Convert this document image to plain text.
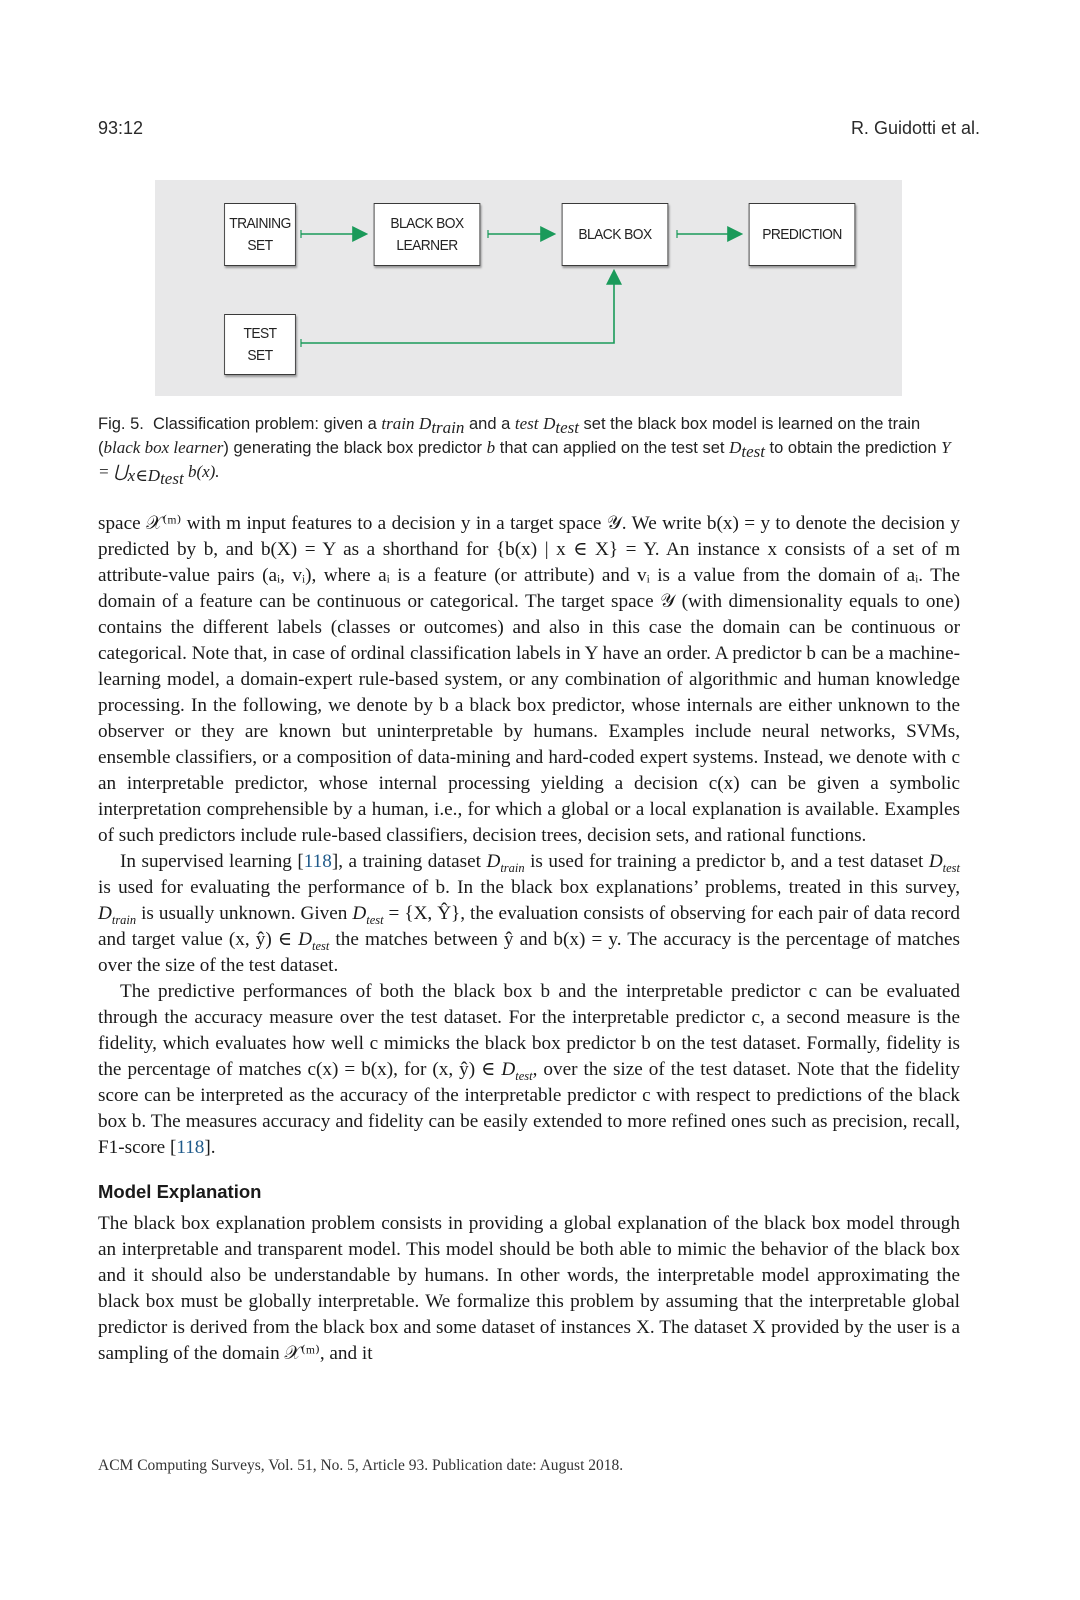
93:12	R. Guidotti et al.
TRAINING
SET
BLACK BOX
LEARNER
BLACK BOX	PREDICTION
TEST
SET
Fig. 5. Classification problem: given a train $D_{train}$ and a test $D_{test}$ set the black box model is learned on the train (black box learner) generating the black box predictor b that can applied on the test set $D_{test}$ to obtain the prediction $Y = ⋃_{x\in D_{test}}$ b(x).

space 𝒳⁽ᵐ⁾ with m input features to a decision y in a target space 𝒴. We write b(x) = y to denote the decision y predicted by b, and b(X) = Y as a shorthand for {b(x) | x ∈ X} = Y. An instance x consists of a set of m attribute-value pairs (aᵢ, vᵢ), where aᵢ is a feature (or attribute) and vᵢ is a value from the domain of aᵢ. The domain of a feature can be continuous or categorical. The target space 𝒴 (with dimensionality equals to one) contains the different labels (classes or outcomes) and also in this case the domain can be continuous or categorical. Note that, in case of ordinal classification labels in Y have an order. A predictor b can be a machine-learning model, a domain-expert rule-based system, or any combination of algorithmic and human knowledge processing. In the following, we denote by b a black box predictor, whose internals are either unknown to the observer or they are known but uninterpretable by humans. Examples include neural networks, SVMs, ensemble classifiers, or a composition of data-mining and hard-coded expert systems. Instead, we denote with c an interpretable predictor, whose internal processing yielding a decision c(x) can be given a symbolic interpretation comprehensible by a human, i.e., for which a global or a local explanation is available. Examples of such predictors include rule-based classifiers, decision trees, decision sets, and rational functions.

In supervised learning [118], a training dataset $D_{train}$ is used for training a predictor b, and a test dataset $D_{test}$ is used for evaluating the performance of b. In the black box explanations’ problems, treated in this survey, $D_{train}$ is usually unknown. Given $D_{test} = \{X$, Ŷ}, the evaluation consists of observing for each pair of data record and target value (x, ŷ) ∈ $D_{test}$ the matches between ŷ and b(x) = y. The accuracy is the percentage of matches over the size of the test dataset.

The predictive performances of both the black box b and the interpretable predictor c can be evaluated through the accuracy measure over the test dataset. For the interpretable predictor c, a second measure is the fidelity, which evaluates how well c mimicks the black box predictor b on the test dataset. Formally, fidelity is the percentage of matches c(x) = b(x), for (x, ŷ) ∈ $D_{test}$, over the size of the test dataset. Note that the fidelity score can be interpreted as the accuracy of the interpretable predictor c with respect to predictions of the black box b. The measures accuracy and fidelity can be easily extended to more refined ones such as precision, recall, F1-score [118].

Model Explanation

The black box explanation problem consists in providing a global explanation of the black box model through an interpretable and transparent model. This model should be both able to mimic the behavior of the black box and it should also be understandable by humans. In other words, the interpretable model approximating the black box must be globally interpretable. We formalize this problem by assuming that the interpretable global predictor is derived from the black box and some dataset of instances X. The dataset X provided by the user is a sampling of the domain 𝒳⁽ᵐ⁾, and it

ACM Computing Surveys, Vol. 51, No. 5, Article 93. Publication date: August 2018.
